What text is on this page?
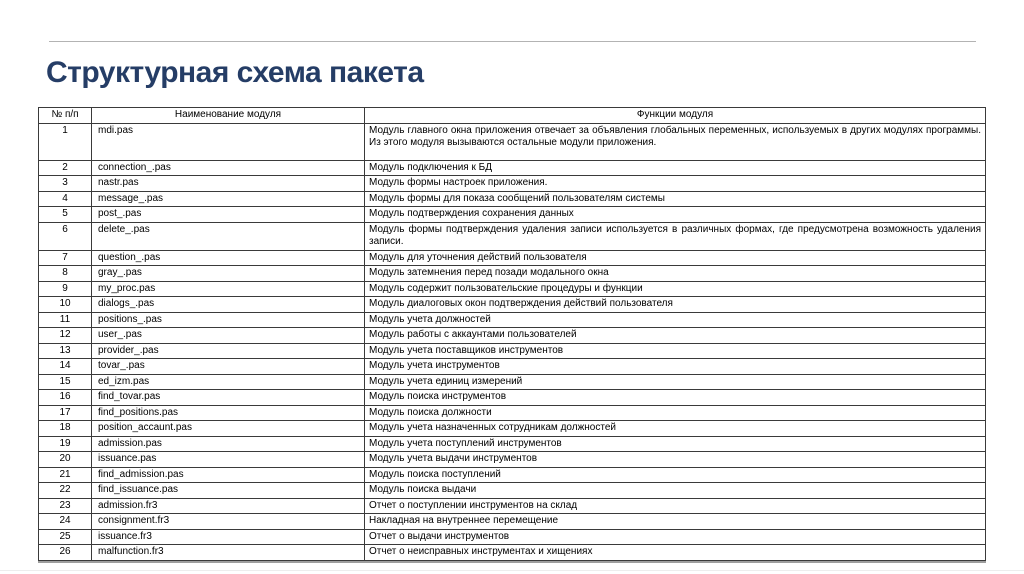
Структурная схема пакета
№ п/п	Наименование модуля	Функции модуля
1	mdi.pas	Модуль главного окна приложения отвечает за объявления глобальных переменных, используемых в других модулях программы. Из этого модуля вызываются остальные модули приложения.
2	connection_.pas	Модуль подключения к БД
3	nastr.pas	Модуль формы настроек приложения.
4	message_.pas	Модуль формы для показа сообщений пользователям системы
5	post_.pas	Модуль подтверждения сохранения данных
6	delete_.pas	Модуль формы подтверждения удаления записи используется в различных формах, где предусмотрена возможность удаления записи.
7	question_.pas	Модуль для уточнения действий пользователя
8	gray_.pas	Модуль затемнения перед позади модального окна
9	my_proc.pas	Модуль содержит пользовательские процедуры и функции
10	dialogs_.pas	Модуль диалоговых окон подтверждения действий пользователя
11	positions_.pas	Модуль учета должностей
12	user_.pas	Модуль работы с аккаунтами пользователей
13	provider_.pas	Модуль учета поставщиков инструментов
14	tovar_.pas	Модуль учета инструментов
15	ed_izm.pas	Модуль учета единиц измерений
16	find_tovar.pas	Модуль поиска инструментов
17	find_positions.pas	Модуль поиска должности
18	position_accaunt.pas	Модуль учета назначенных сотрудникам должностей
19	admission.pas	Модуль учета поступлений инструментов
20	issuance.pas	Модуль учета выдачи инструментов
21	find_admission.pas	Модуль поиска поступлений
22	find_issuance.pas	Модуль поиска выдачи
23	admission.fr3	Отчет о поступлении инструментов на склад
24	consignment.fr3	Накладная на внутреннее перемещение
25	issuance.fr3	Отчет о выдачи инструментов
26	malfunction.fr3	Отчет о неисправных инструментах и хищениях
